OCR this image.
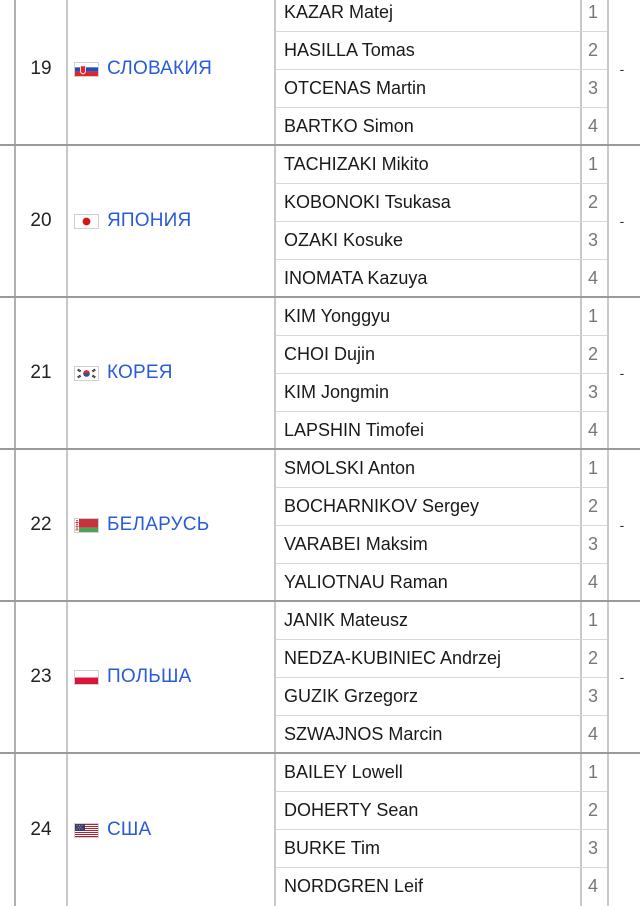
19	СЛОВАКИЯ
KAZAR Matej	1
HASILLA Tomas	2
OTCENAS Martin	3
BARTKO Simon	4
-
20	ЯПОНИЯ
TACHIZAKI Mikito	1
KOBONOKI Tsukasa	2
OZAKI Kosuke	3
INOMATA Kazuya	4
-
21	КОРЕЯ
KIM Yonggyu	1
CHOI Dujin	2
KIM Jongmin	3
LAPSHIN Timofei	4
-
22	БЕЛАРУСЬ
SMOLSKI Anton	1
BOCHARNIKOV Sergey	2
VARABEI Maksim	3
YALIOTNAU Raman	4
-
23	ПОЛЬША
JANIK Mateusz	1
NEDZA-KUBINIEC Andrzej	2
GUZIK Grzegorz	3
SZWAJNOS Marcin	4
-
24	США
BAILEY Lowell	1
DOHERTY Sean	2
BURKE Tim	3
NORDGREN Leif	4
